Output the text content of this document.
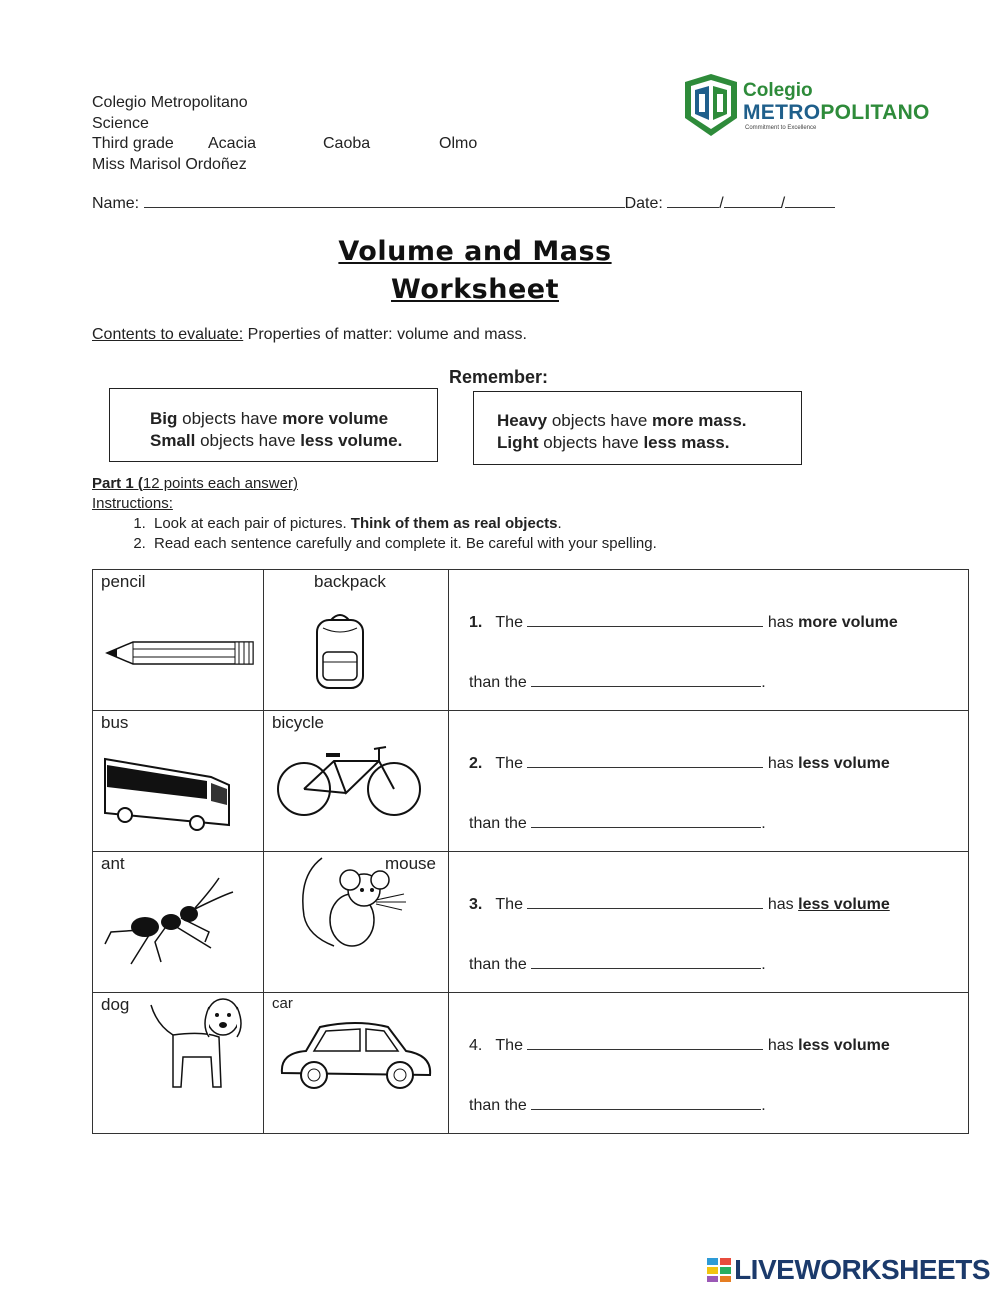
Colegio Metropolitano
Science
Third grade Acacia	Caoba	Olmo
Miss Marisol Ordoñez
Colegio
METROPOLITANO
Commitment to Excellence
Name:	Date:	/	/
Volume and Mass
Worksheet
Contents to evaluate: Properties of matter: volume and mass.
Remember:
Big objects have more volume
Small objects have less volume.
Heavy objects have more mass.
Light objects have less mass.
Part 1 (12 points each answer)
Instructions:
1. Look at each pair of pictures. Think of them as real objects.
2. Read each sentence carefully and complete it. Be careful with your spelling.
pencil	backpack	1. The has more volume
than the .

bus	bicycle	2. The has less volume
than the .

ant	mouse	3. The has less volume
than the .

dog	car	4. The has less volume
than the .
LIVEWORKSHEETS
